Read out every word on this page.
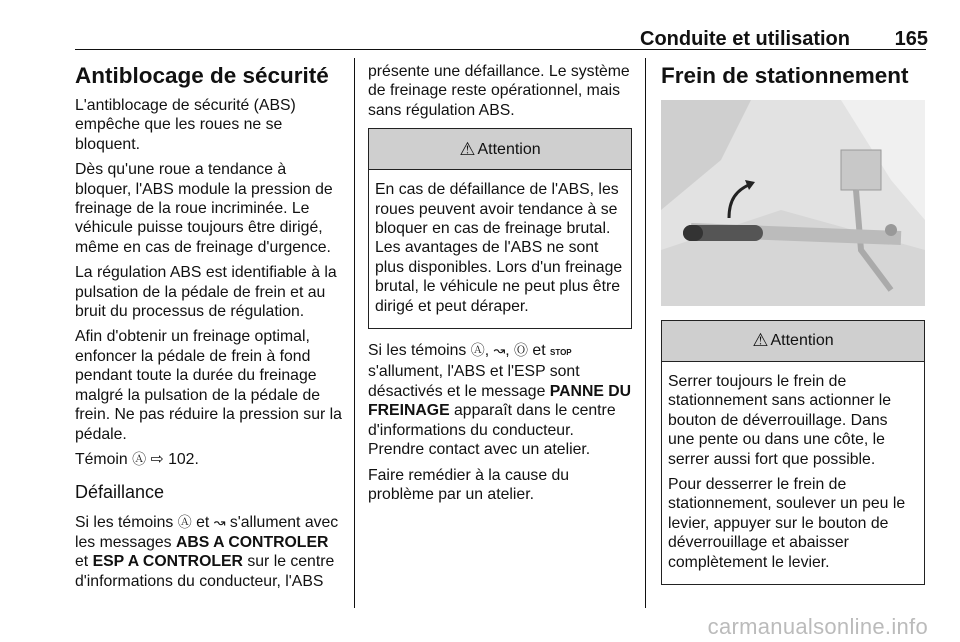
Conduite et utilisation 165
Antiblocage de sécurité

L'antiblocage de sécurité (ABS) empêche que les roues ne se bloquent.

Dès qu'une roue a tendance à bloquer, l'ABS module la pression de freinage de la roue incriminée. Le véhicule puisse toujours être dirigé, même en cas de freinage d'urgence.

La régulation ABS est identifiable à la pulsation de la pédale de frein et au bruit du processus de régulation.

Afin d'obtenir un freinage optimal, enfoncer la pédale de frein à fond pendant toute la durée du freinage malgré la pulsation de la pédale de frein. Ne pas réduire la pression sur la pédale.

Témoin Ⓐ ⇨ 102.

Défaillance

Si les témoins Ⓐ et ↝ s'allument avec les messages ABS A CONTROLER et ESP A CONTROLER sur le centre d'informations du conducteur, l'ABS

présente une défaillance. Le système de freinage reste opérationnel, mais sans régulation ABS.

⚠ Attention

En cas de défaillance de l'ABS, les roues peuvent avoir tendance à se bloquer en cas de freinage brutal. Les avantages de l'ABS ne sont plus disponibles. Lors d'un freinage brutal, le véhicule ne peut plus être dirigé et peut déraper.

Si les témoins Ⓐ, ↝, Ⓞ et STOP s'allument, l'ABS et l'ESP sont désactivés et le message PANNE DU FREINAGE apparaît dans le centre d'informations du conducteur. Prendre contact avec un atelier.

Faire remédier à la cause du problème par un atelier.

Frein de stationnement
⚠ Attention

Serrer toujours le frein de stationnement sans actionner le bouton de déverrouillage. Dans une pente ou dans une côte, le serrer aussi fort que possible.

Pour desserrer le frein de stationnement, soulever un peu le levier, appuyer sur le bouton de déverrouillage et abaisser complètement le levier.

carmanualsonline.info
